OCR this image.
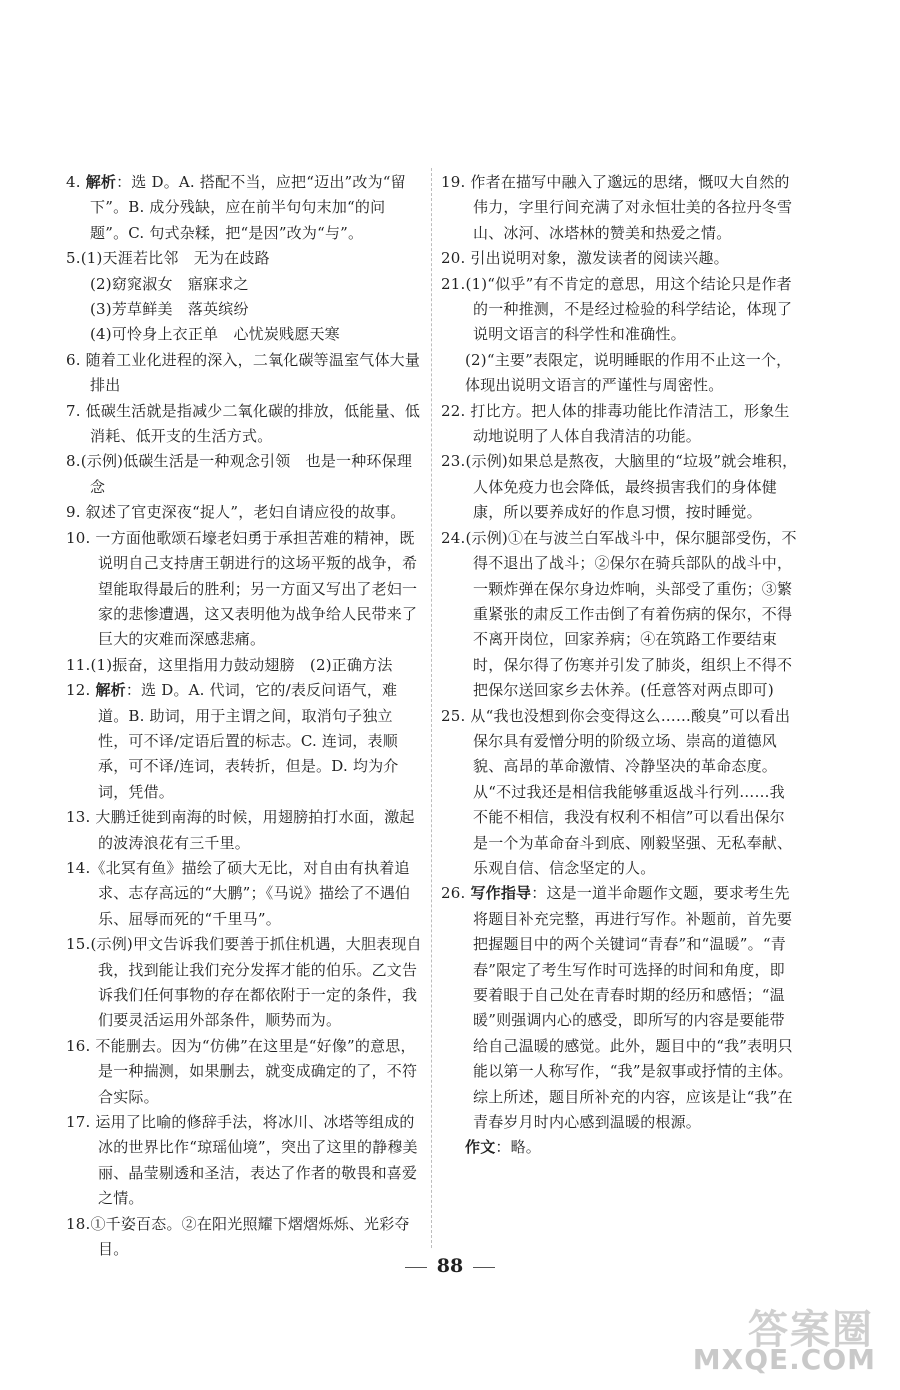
4. 解析：选 D。A. 搭配不当，应把“迈出”改为“留下”。B. 成分残缺，应在前半句句末加“的问题”。C. 句式杂糅，把“是因”改为“与”。

5.(1)天涯若比邻　无为在歧路

(2)窈窕淑女　寤寐求之

(3)芳草鲜美　落英缤纷

(4)可怜身上衣正单　心忧炭贱愿天寒

6. 随着工业化进程的深入，二氧化碳等温室气体大量排出

7. 低碳生活就是指减少二氧化碳的排放，低能量、低消耗、低开支的生活方式。

8.(示例)低碳生活是一种观念引领　也是一种环保理念

9. 叙述了官吏深夜“捉人”，老妇自请应役的故事。

10. 一方面他歌颂石壕老妇勇于承担苦难的精神，既说明自己支持唐王朝进行的这场平叛的战争，希望能取得最后的胜利；另一方面又写出了老妇一家的悲惨遭遇，这又表明他为战争给人民带来了巨大的灾难而深感悲痛。

11.(1)振奋，这里指用力鼓动翅膀　(2)正确方法

12. 解析：选 D。A. 代词，它的/表反问语气，难道。B. 助词，用于主谓之间，取消句子独立性，可不译/定语后置的标志。C. 连词，表顺承，可不译/连词，表转折，但是。D. 均为介词，凭借。

13. 大鹏迁徙到南海的时候，用翅膀拍打水面，激起的波涛浪花有三千里。

14.《北冥有鱼》描绘了硕大无比，对自由有执着追求、志存高远的“大鹏”；《马说》描绘了不遇伯乐、屈辱而死的“千里马”。

15.(示例)甲文告诉我们要善于抓住机遇，大胆表现自我，找到能让我们充分发挥才能的伯乐。乙文告诉我们任何事物的存在都依附于一定的条件，我们要灵活运用外部条件，顺势而为。

16. 不能删去。因为“仿佛”在这里是“好像”的意思，是一种揣测，如果删去，就变成确定的了，不符合实际。

17. 运用了比喻的修辞手法，将冰川、冰塔等组成的冰的世界比作“琼瑶仙境”，突出了这里的静穆美丽、晶莹剔透和圣洁，表达了作者的敬畏和喜爱之情。

18.①千姿百态。②在阳光照耀下熠熠烁烁、光彩夺目。

19. 作者在描写中融入了邈远的思绪，慨叹大自然的伟力，字里行间充满了对永恒壮美的各拉丹冬雪山、冰河、冰塔林的赞美和热爱之情。

20. 引出说明对象，激发读者的阅读兴趣。

21.(1)“似乎”有不肯定的意思，用这个结论只是作者的一种推测，不是经过检验的科学结论，体现了说明文语言的科学性和准确性。

(2)“主要”表限定，说明睡眠的作用不止这一个，体现出说明文语言的严谨性与周密性。

22. 打比方。把人体的排毒功能比作清洁工，形象生动地说明了人体自我清洁的功能。

23.(示例)如果总是熬夜，大脑里的“垃圾”就会堆积，人体免疫力也会降低，最终损害我们的身体健康，所以要养成好的作息习惯，按时睡觉。

24.(示例)①在与波兰白军战斗中，保尔腿部受伤，不得不退出了战斗；②保尔在骑兵部队的战斗中，一颗炸弹在保尔身边炸响，头部受了重伤；③繁重紧张的肃反工作击倒了有着伤病的保尔，不得不离开岗位，回家养病；④在筑路工作要结束时，保尔得了伤寒并引发了肺炎，组织上不得不把保尔送回家乡去休养。(任意答对两点即可)

25. 从“我也没想到你会变得这么……酸臭”可以看出保尔具有爱憎分明的阶级立场、崇高的道德风貌、高昂的革命激情、冷静坚决的革命态度。从“不过我还是相信我能够重返战斗行列……我不能不相信，我没有权利不相信”可以看出保尔是一个为革命奋斗到底、刚毅坚强、无私奉献、乐观自信、信念坚定的人。

26. 写作指导：这是一道半命题作文题，要求考生先将题目补充完整，再进行写作。补题前，首先要把握题目中的两个关键词“青春”和“温暖”。“青春”限定了考生写作时可选择的时间和角度，即要着眼于自己处在青春时期的经历和感悟；“温暖”则强调内心的感受，即所写的内容是要能带给自己温暖的感觉。此外，题目中的“我”表明只能以第一人称写作，“我”是叙事或抒情的主体。综上所述，题目所补充的内容，应该是让“我”在青春岁月时内心感到温暖的根源。

作文：略。

88
答案圈
MXQE.COM
